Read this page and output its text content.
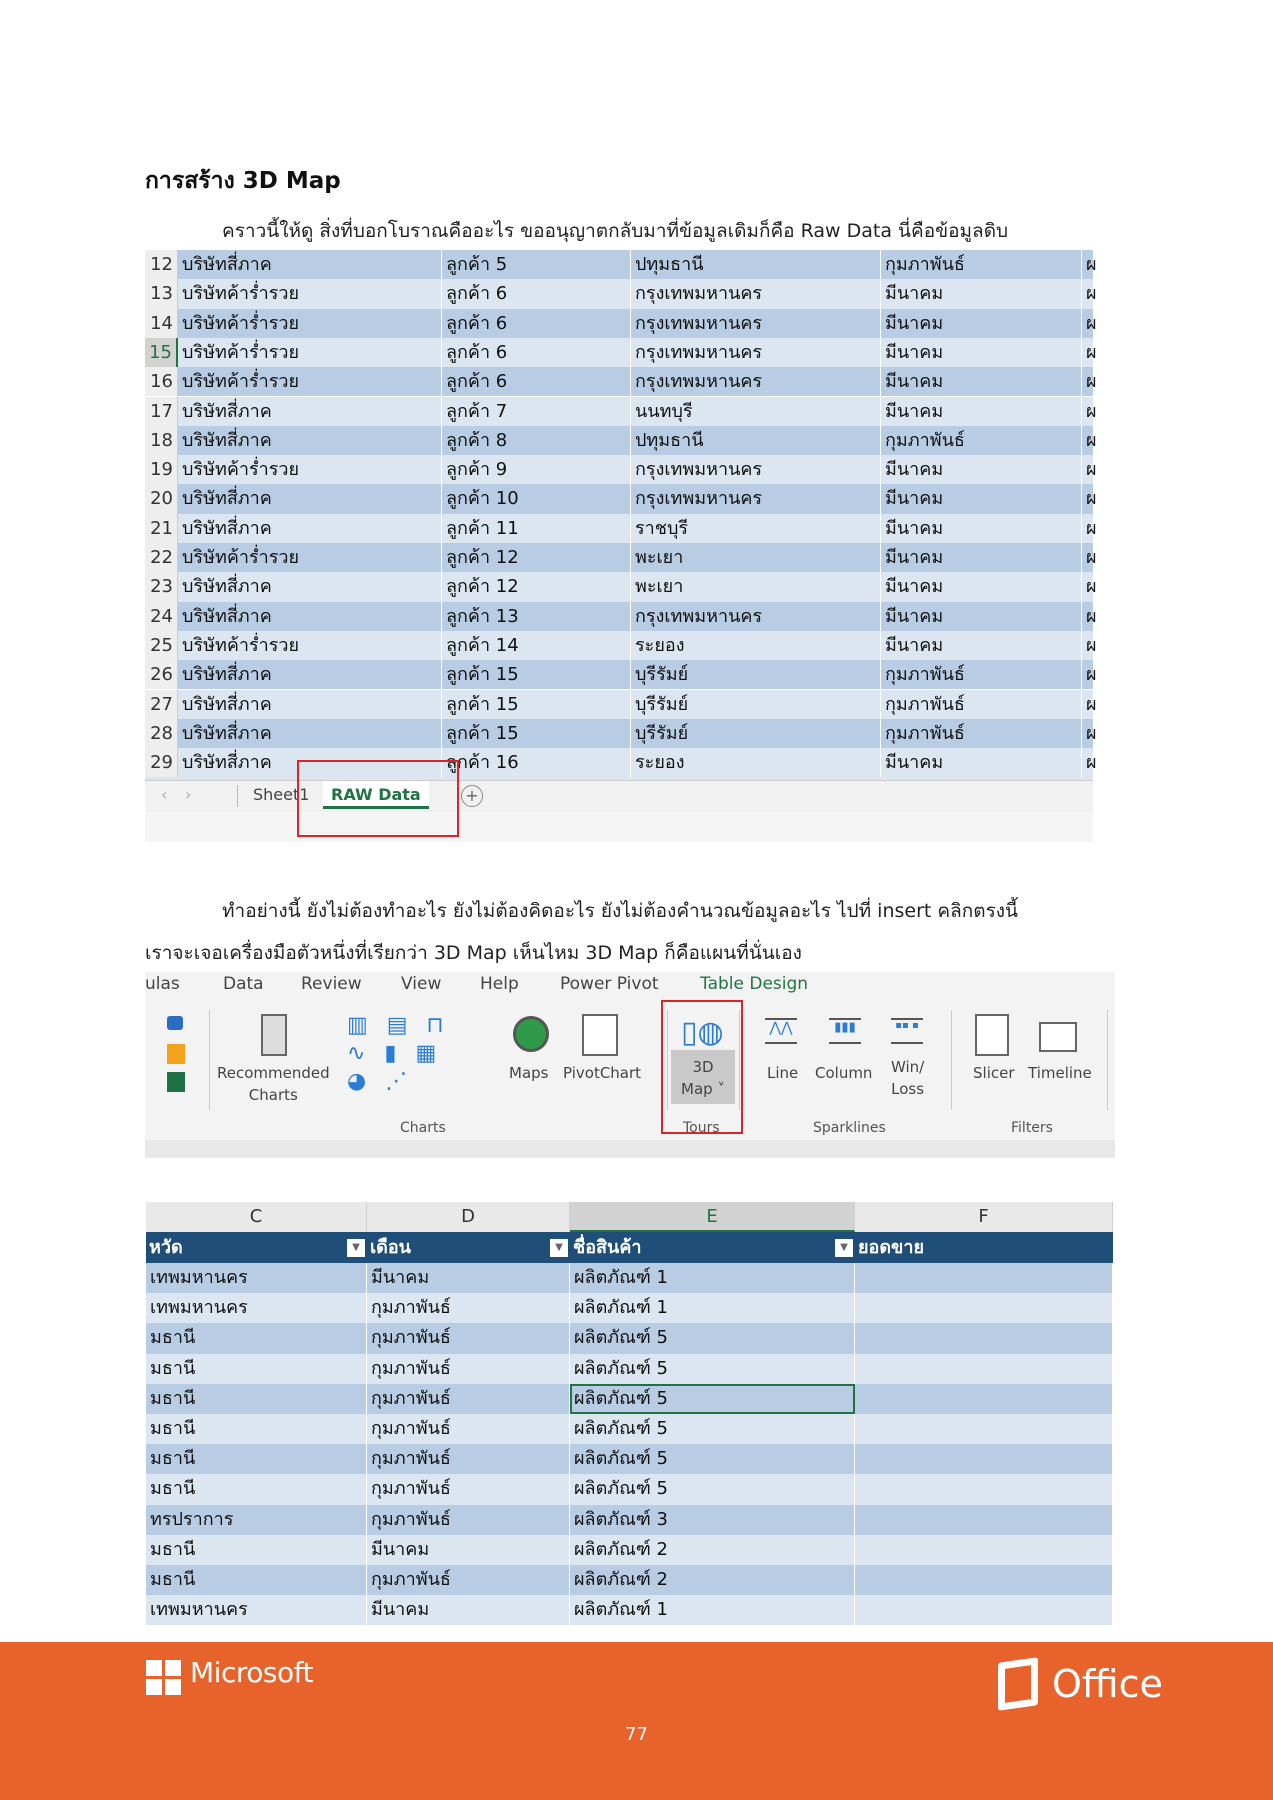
การสร้าง 3D Map
คราวนี้ให้ดู สิ่งที่บอกโบราณคืออะไร ขออนุญาตกลับมาที่ข้อมูลเดิมก็คือ Raw Data นี่คือข้อมูลดิบ
12 บริษัทสี่ภาค	ลูกค้า 5	ปทุมธานี	กุมภาพันธ์	ผ
13 บริษัทค้าร่ำรวย	ลูกค้า 6	กรุงเทพมหานคร	มีนาคม	ผ
14 บริษัทค้าร่ำรวย	ลูกค้า 6	กรุงเทพมหานคร	มีนาคม	ผ
15 บริษัทค้าร่ำรวย	ลูกค้า 6	กรุงเทพมหานคร	มีนาคม	ผ
16 บริษัทค้าร่ำรวย	ลูกค้า 6	กรุงเทพมหานคร	มีนาคม	ผ
17 บริษัทสี่ภาค	ลูกค้า 7	นนทบุรี	มีนาคม	ผ
18 บริษัทสี่ภาค	ลูกค้า 8	ปทุมธานี	กุมภาพันธ์	ผ
19 บริษัทค้าร่ำรวย	ลูกค้า 9	กรุงเทพมหานคร	มีนาคม	ผ
20 บริษัทสี่ภาค	ลูกค้า 10	กรุงเทพมหานคร	มีนาคม	ผ
21 บริษัทสี่ภาค	ลูกค้า 11	ราชบุรี	มีนาคม	ผ
22 บริษัทค้าร่ำรวย	ลูกค้า 12	พะเยา	มีนาคม	ผ
23 บริษัทสี่ภาค	ลูกค้า 12	พะเยา	มีนาคม	ผ
24 บริษัทสี่ภาค	ลูกค้า 13	กรุงเทพมหานคร	มีนาคม	ผ
25 บริษัทค้าร่ำรวย	ลูกค้า 14	ระยอง	มีนาคม	ผ
26 บริษัทสี่ภาค	ลูกค้า 15	บุรีรัมย์	กุมภาพันธ์	ผ
27 บริษัทสี่ภาค	ลูกค้า 15	บุรีรัมย์	กุมภาพันธ์	ผ
28 บริษัทสี่ภาค	ลูกค้า 15	บุรีรัมย์	กุมภาพันธ์	ผ
29 บริษัทสี่ภาค	ลูกค้า 16	ระยอง	มีนาคม	ผ
‹ ›	Sheet1	RAW Data	+
ทำอย่างนี้ ยังไม่ต้องทำอะไร ยังไม่ต้องคิดอะไร ยังไม่ต้องคำนวณข้อมูลอะไร ไปที่ insert คลิกตรงนี้
เราจะเจอเครื่องมือตัวหนึ่งที่เรียกว่า 3D Map เห็นไหม 3D Map ก็คือแผนที่นั่นเอง
ulas	Data Review View Help Power Pivot Table Design
Recommended
Charts
▥ ▤ ⊓
∿ ▮ ▦
◕ ⋰	Maps PivotChart
Charts
▯◍
3D
Map ˅
Tours
⋀⋀
Line
▮▮▮
Column
▪▪ ▪
Win/
Loss
Sparklines
Slicer Timeline
Filters
C	D	E	F
หวัด	▼ เดือน	▼ ชื่อสินค้า	▼ ยอดขาย
เทพมหานคร	มีนาคม	ผลิตภัณฑ์ 1
เทพมหานคร	กุมภาพันธ์	ผลิตภัณฑ์ 1
มธานี	กุมภาพันธ์	ผลิตภัณฑ์ 5
มธานี	กุมภาพันธ์	ผลิตภัณฑ์ 5
มธานี	กุมภาพันธ์	ผลิตภัณฑ์ 5
มธานี	กุมภาพันธ์	ผลิตภัณฑ์ 5
มธานี	กุมภาพันธ์	ผลิตภัณฑ์ 5
มธานี	กุมภาพันธ์	ผลิตภัณฑ์ 5
ทรปราการ	กุมภาพันธ์	ผลิตภัณฑ์ 3
มธานี	มีนาคม	ผลิตภัณฑ์ 2
มธานี	กุมภาพันธ์	ผลิตภัณฑ์ 2
เทพมหานคร	มีนาคม	ผลิตภัณฑ์ 1
Microsoft	Office
77
